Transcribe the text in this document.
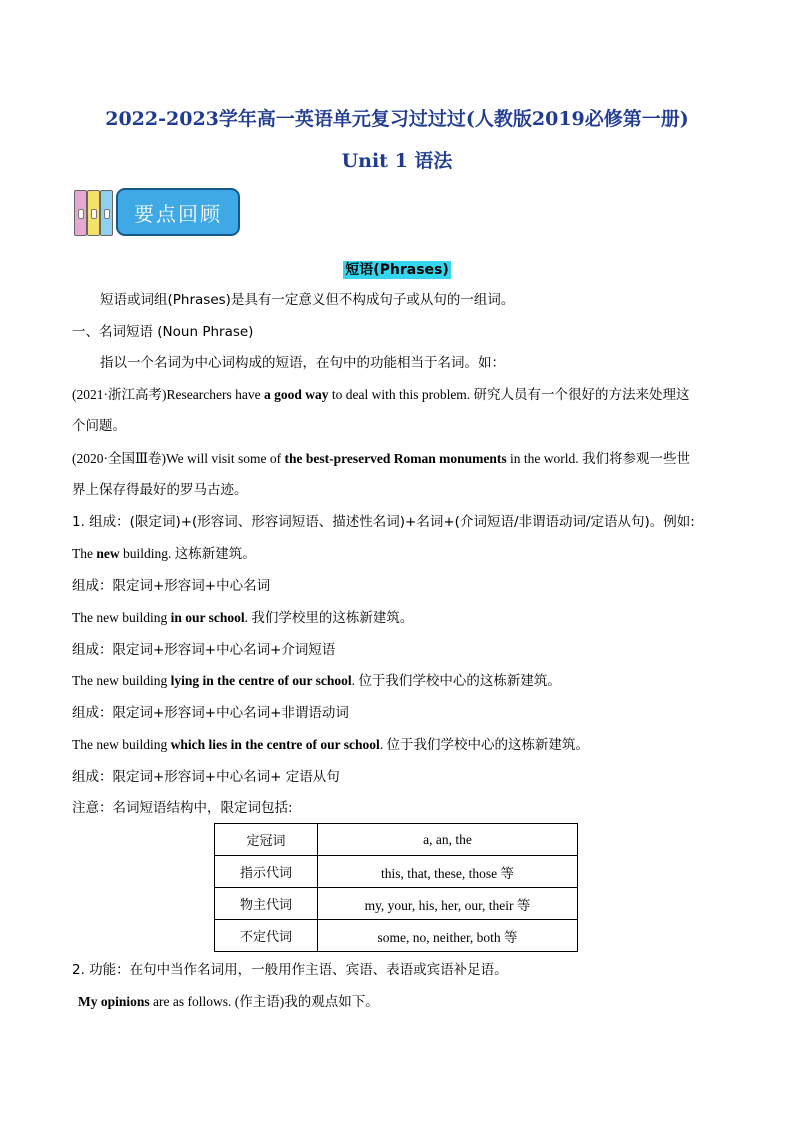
2022-2023学年高一英语单元复习过过过(人教版2019必修第一册)
Unit 1 语法
要点回顾
短语(Phrases)
短语或词组(Phrases)是具有一定意义但不构成句子或从句的一组词。
一、名词短语 (Noun Phrase)
指以一个名词为中心词构成的短语，在句中的功能相当于名词。如：
(2021·浙江高考)Researchers have a good way to deal with this problem. 研究人员有一个很好的方法来处理这
个问题。
(2020·全国Ⅲ卷)We will visit some of the best-preserved Roman monuments in the world. 我们将参观一些世
界上保存得最好的罗马古迹。
1. 组成：(限定词)+(形容词、形容词短语、描述性名词)+名词+(介词短语/非谓语动词/定语从句)。例如:
The new building. 这栋新建筑。
组成：限定词+形容词+中心名词
The new building in our school. 我们学校里的这栋新建筑。
组成：限定词+形容词+中心名词+介词短语
The new building lying in the centre of our school. 位于我们学校中心的这栋新建筑。
组成：限定词+形容词+中心名词+非谓语动词
The new building which lies in the centre of our school. 位于我们学校中心的这栋新建筑。
组成：限定词+形容词+中心名词+ 定语从句
注意：名词短语结构中，限定词包括:
定冠词	a, an, the
指示代词	this, that, these, those 等
物主代词	my, your, his, her, our, their 等
不定代词	some, no, neither, both 等
2. 功能：在句中当作名词用，一般用作主语、宾语、表语或宾语补足语。
My opinions are as follows. (作主语)我的观点如下。
